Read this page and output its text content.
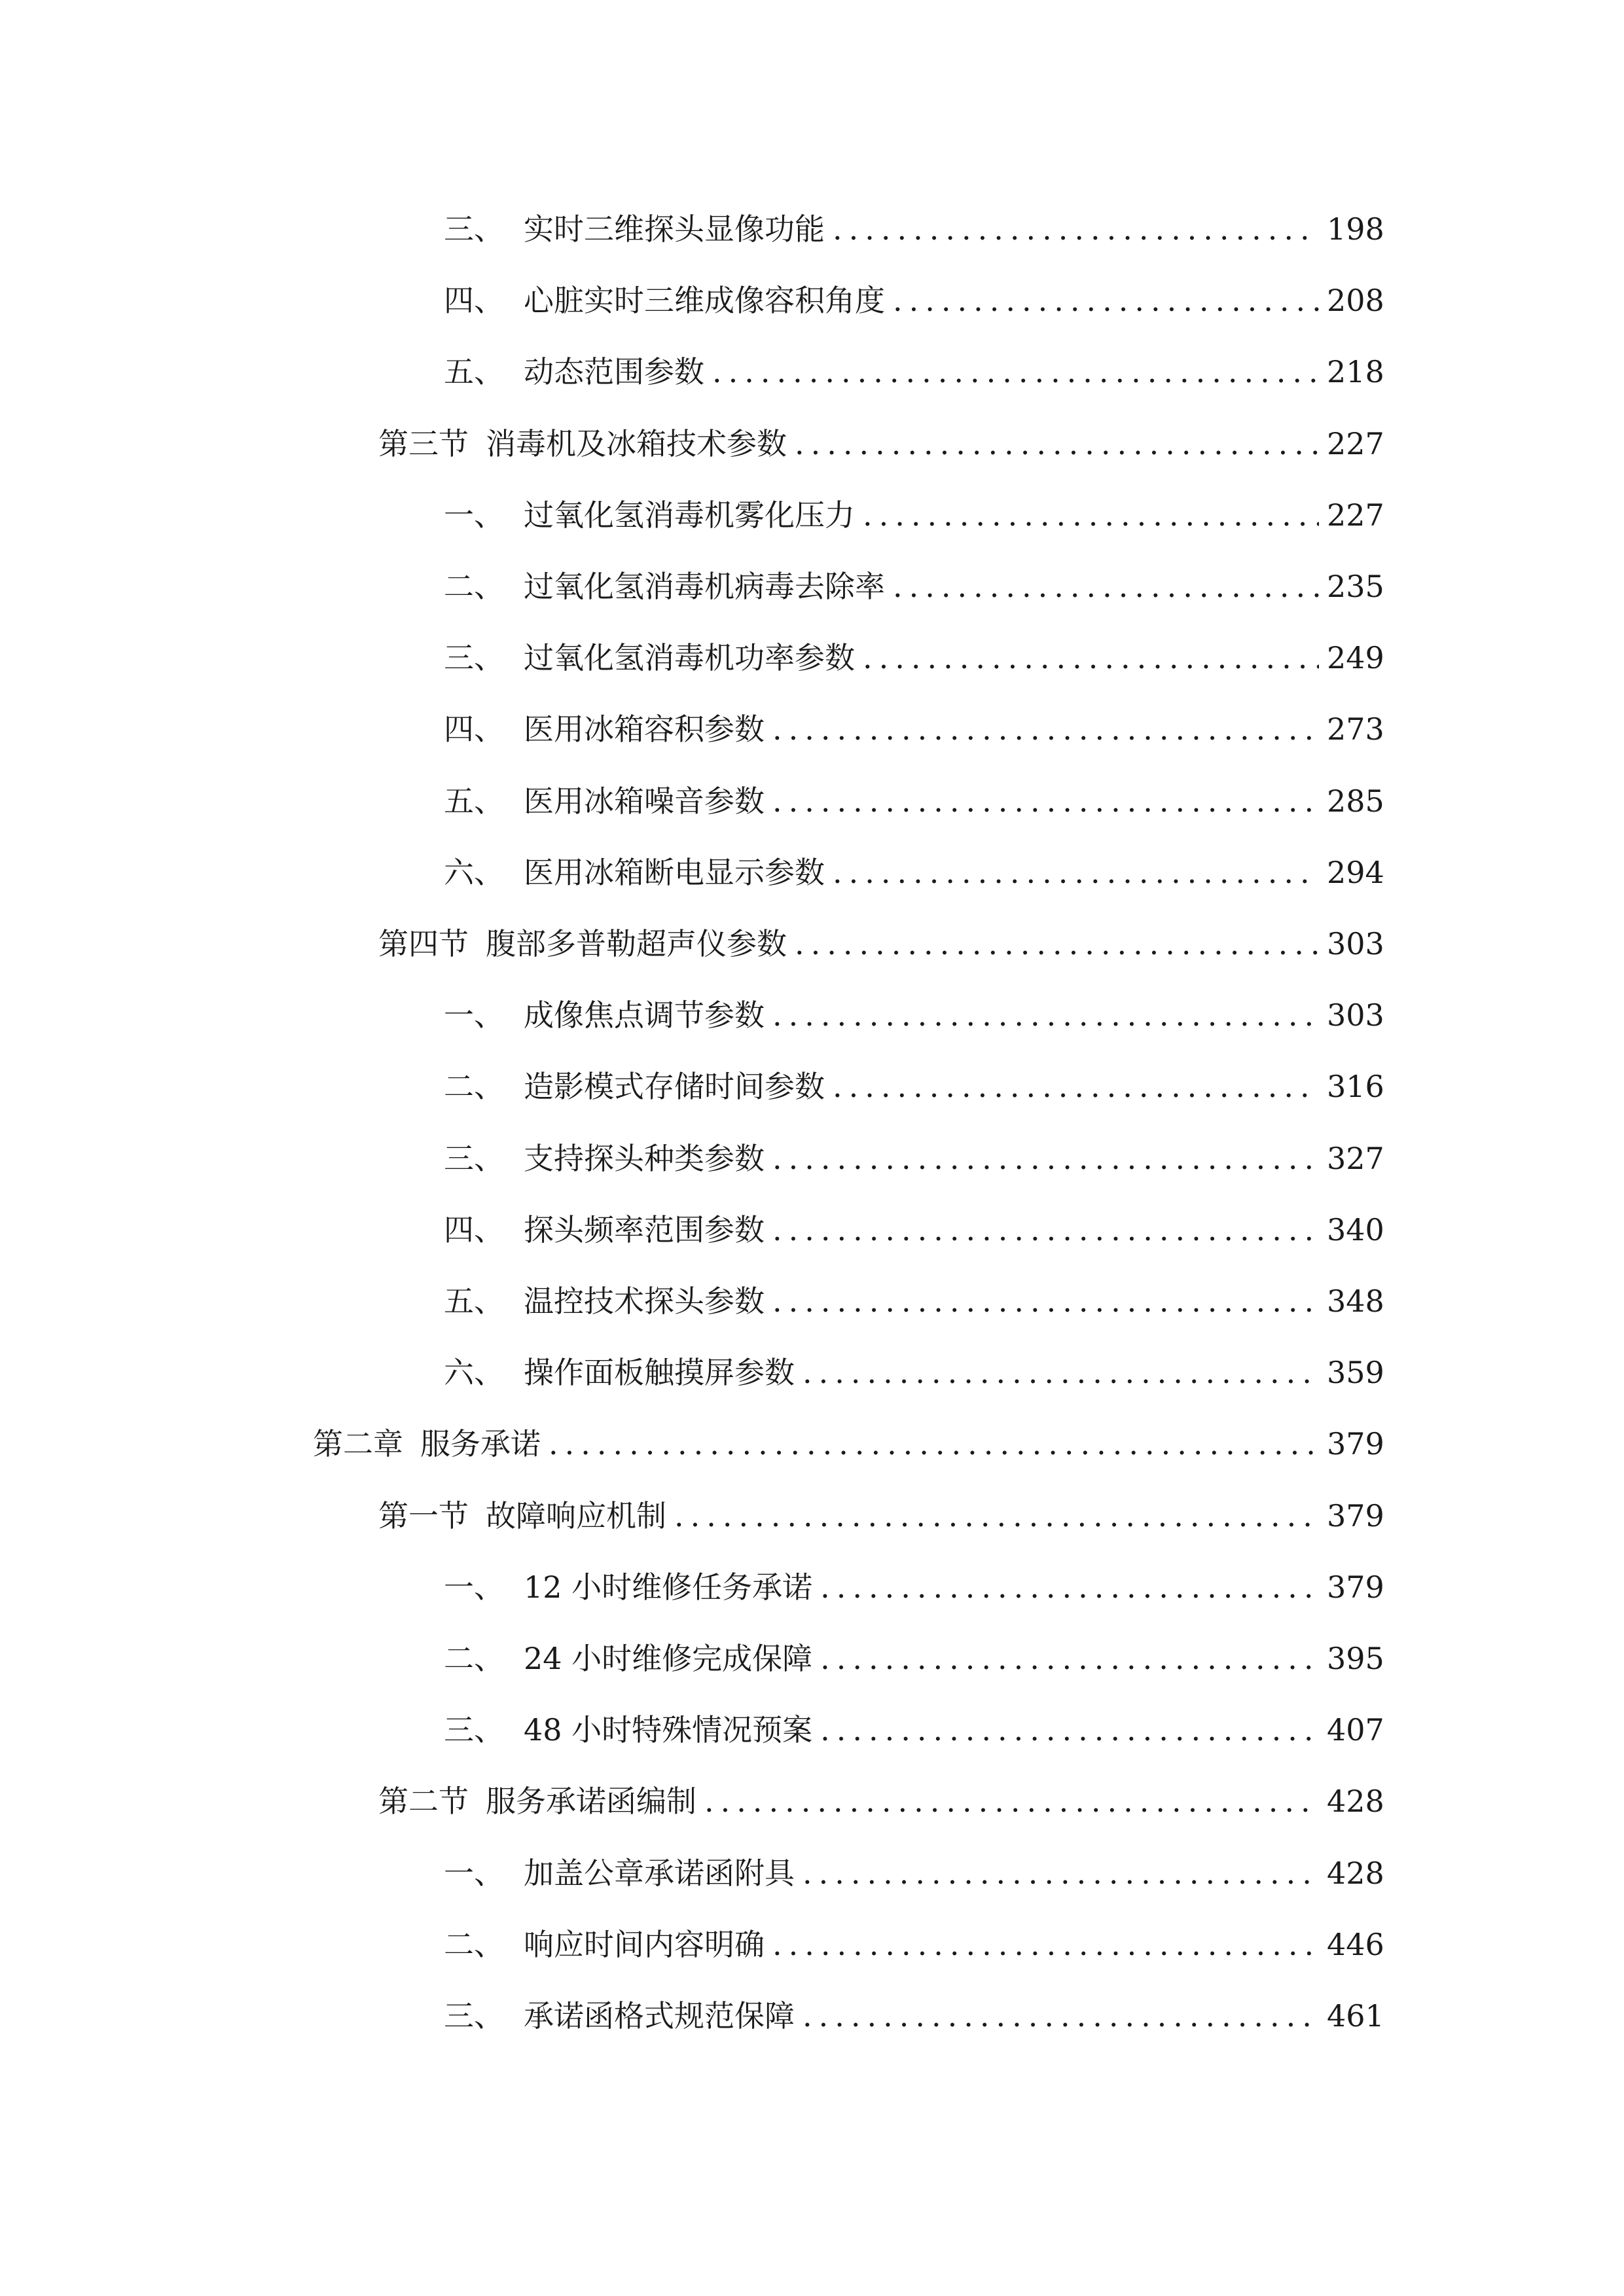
三、 实时三维探头显像功能 .....	198
四、 心脏实时三维成像容积角度 .....	208
五、 动态范围参数 .....	218
第三节 消毒机及冰箱技术参数 .....	227
一、 过氧化氢消毒机雾化压力 .....	227
二、 过氧化氢消毒机病毒去除率 .....	235
三、 过氧化氢消毒机功率参数 .....	249
四、 医用冰箱容积参数 .....	273
五、 医用冰箱噪音参数 .....	285
六、 医用冰箱断电显示参数 .....	294
第四节 腹部多普勒超声仪参数 .....	303
一、 成像焦点调节参数 .....	303
二、 造影模式存储时间参数 .....	316
三、 支持探头种类参数 .....	327
四、 探头频率范围参数 .....	340
五、 温控技术探头参数 .....	348
六、 操作面板触摸屏参数 .....	359
第二章 服务承诺 .....	379
第一节 故障响应机制 .....	379
一、 12 小时维修任务承诺 .....	379
二、 24 小时维修完成保障 .....	395
三、 48 小时特殊情况预案 .....	407
第二节 服务承诺函编制 .....	428
一、 加盖公章承诺函附具 .....	428
二、 响应时间内容明确 .....	446
三、 承诺函格式规范保障 .....	461
